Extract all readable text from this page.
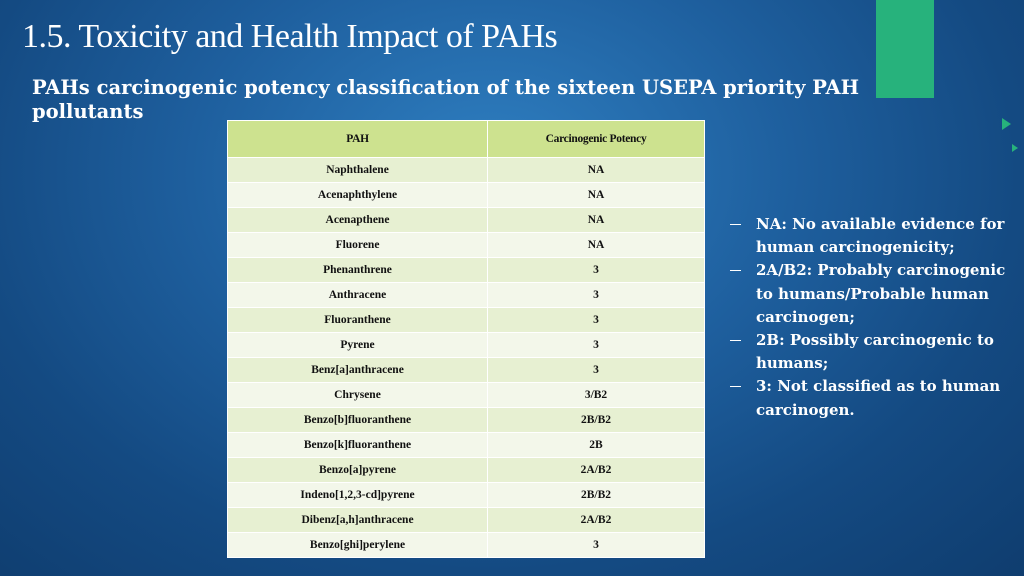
1.5. Toxicity and Health Impact of PAHs
PAHs carcinogenic potency classification of the sixteen USEPA priority PAH pollutants
PAH	Carcinogenic Potency
Naphthalene	NA
Acenaphthylene	NA
Acenapthene	NA
Fluorene	NA
Phenanthrene	3
Anthracene	3
Fluoranthene	3
Pyrene	3
Benz[a]anthracene	3
Chrysene	3/B2
Benzo[b]fluoranthene	2B/B2
Benzo[k]fluoranthene	2B
Benzo[a]pyrene	2A/B2
Indeno[1,2,3-cd]pyrene	2B/B2
Dibenz[a,h]anthracene	2A/B2
Benzo[ghi]perylene	3
NA: No available evidence for human carcinogenicity;
2A/B2: Probably carcinogenic to humans/Probable human carcinogen;
2B: Possibly carcinogenic to humans;
3: Not classified as to human carcinogen.
